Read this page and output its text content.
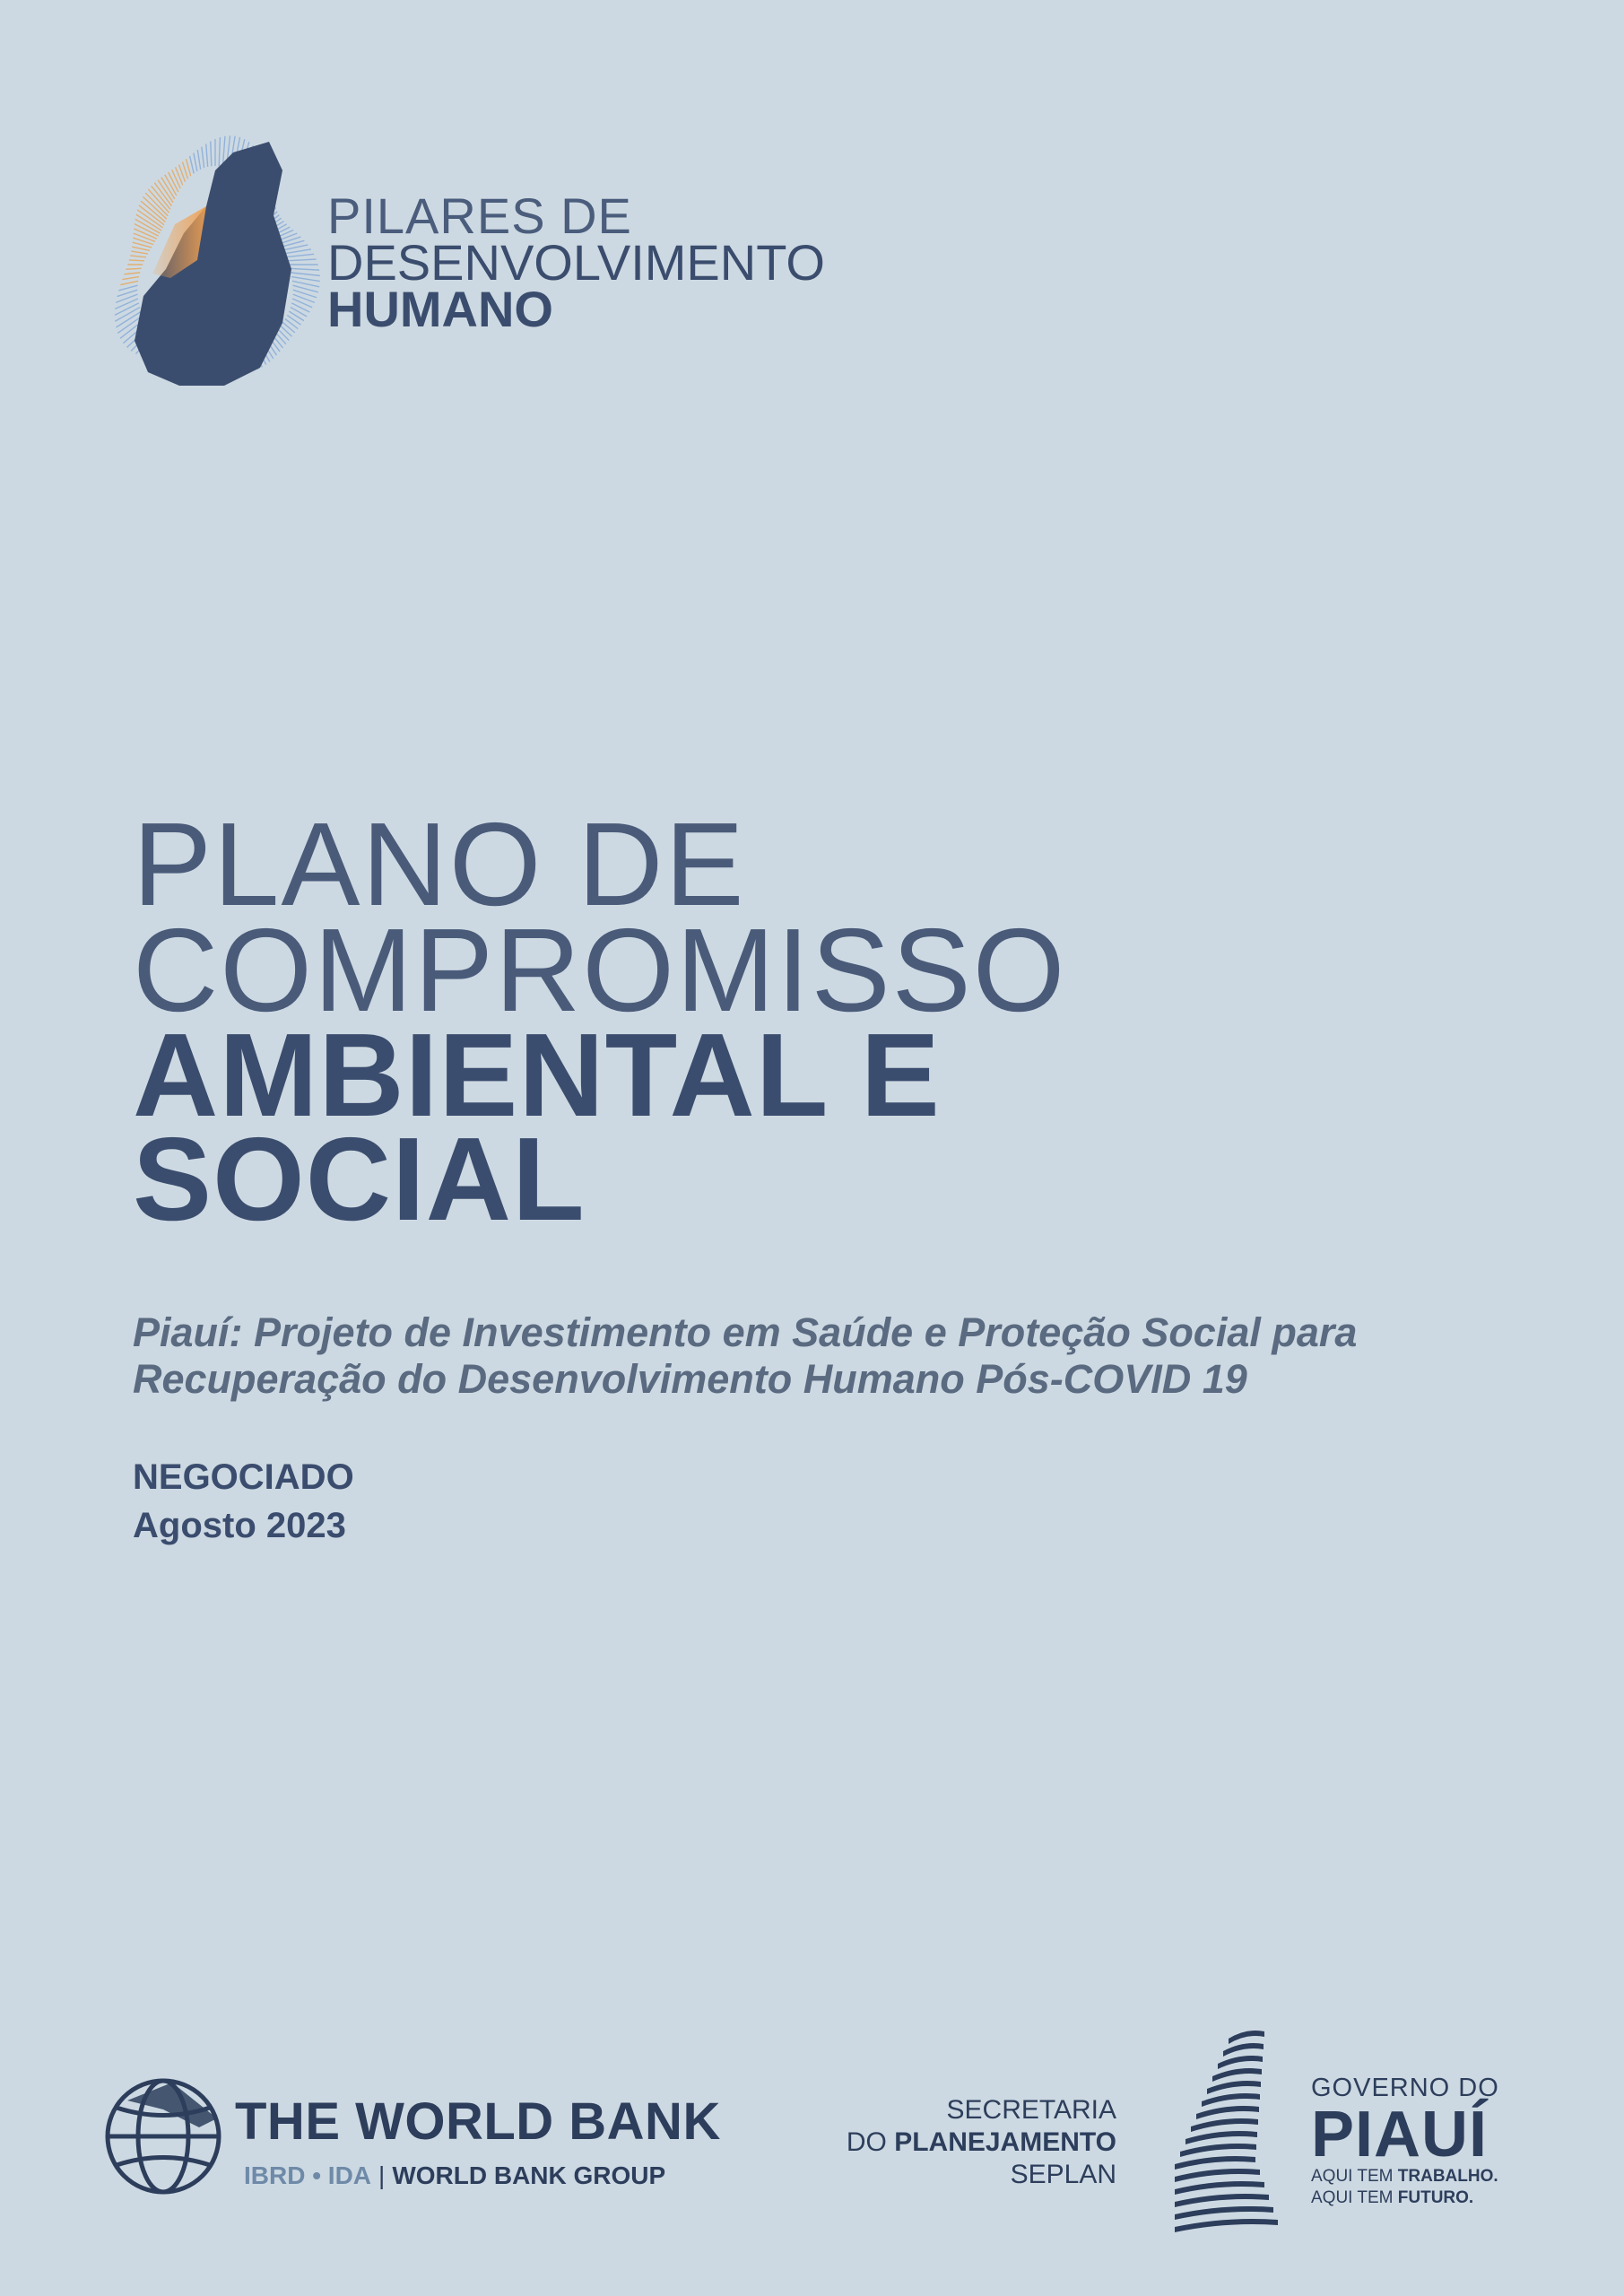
PILARES DE
DESENVOLVIMENTO
HUMANO
PLANO DE
COMPROMISSO
AMBIENTAL E
SOCIAL
Piauí: Projeto de Investimento em Saúde e Proteção Social para
Recuperação do Desenvolvimento Humano Pós-COVID 19
NEGOCIADO
Agosto 2023
THE WORLD BANK
IBRD • IDA | WORLD BANK GROUP
SECRETARIA
DO PLANEJAMENTO
SEPLAN
GOVERNO DO
PIAUÍ
AQUI TEM TRABALHO.
AQUI TEM FUTURO.
